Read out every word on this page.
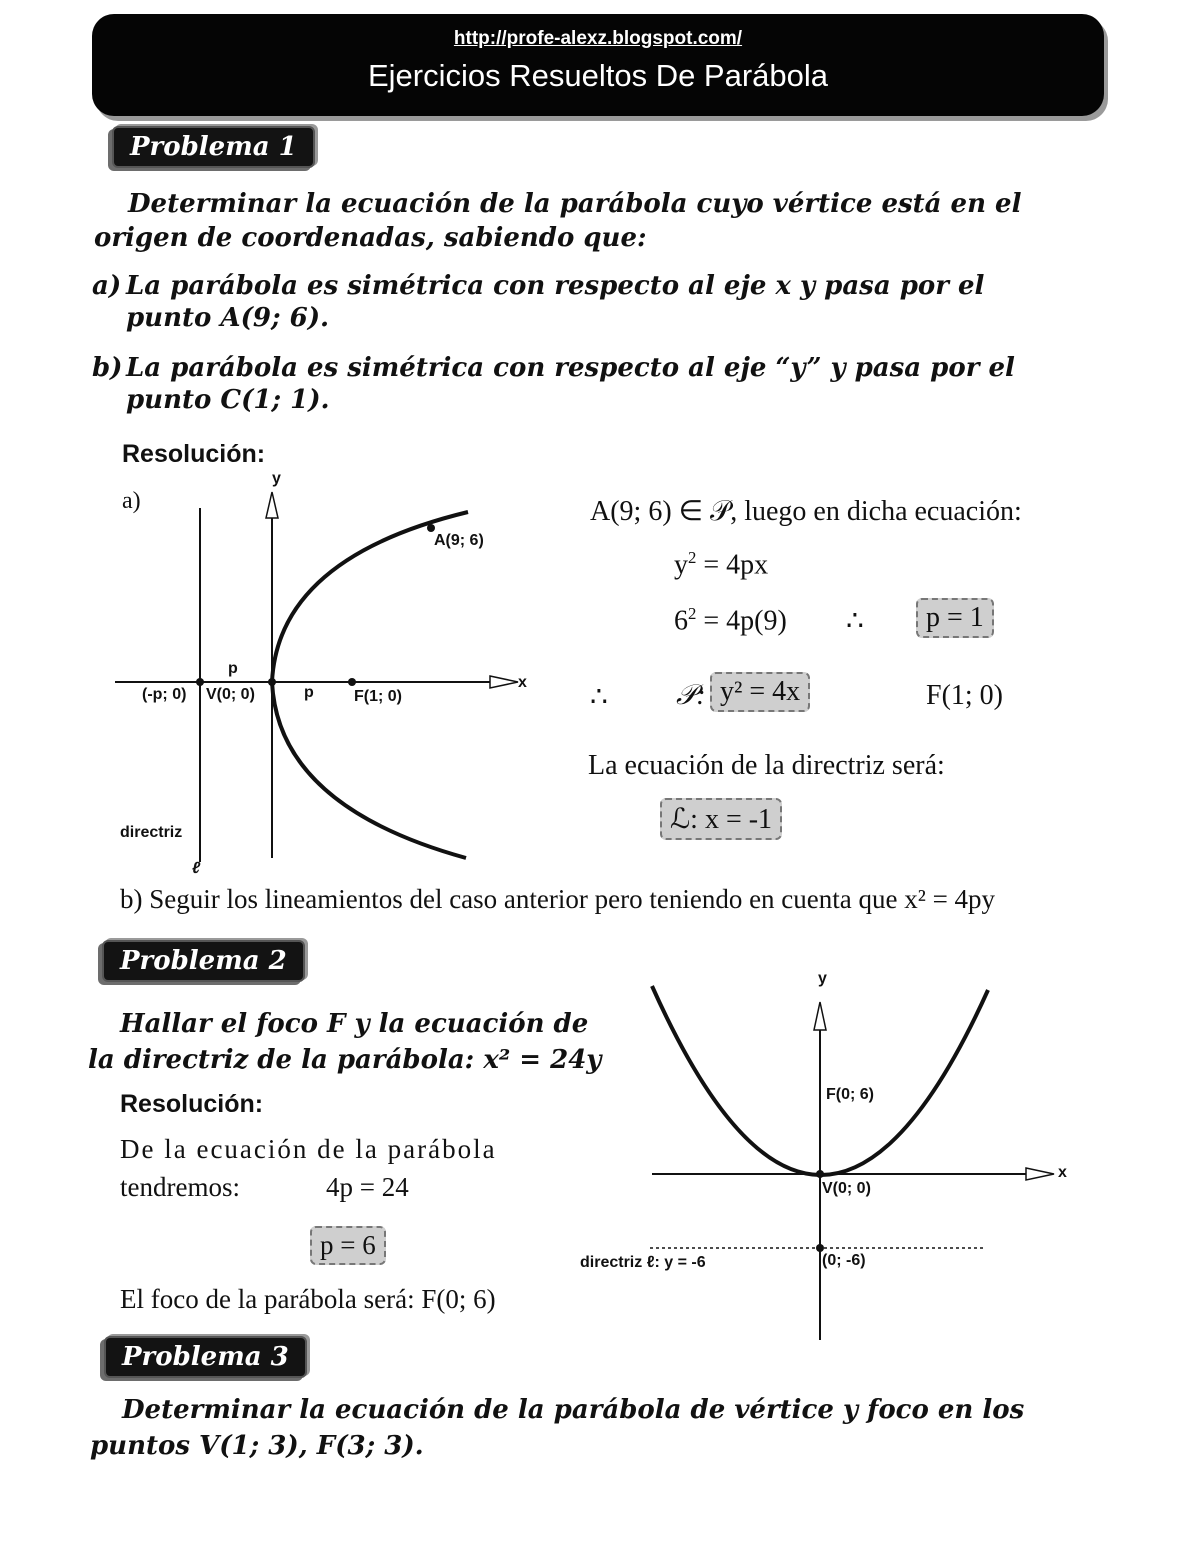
http://profe-alexz.blogspot.com/
Ejercicios Resueltos De Parábola
Problema 1
Determinar la ecuación de la parábola cuyo vértice está en el
origen de coordenadas, sabiendo que:
a) La parábola es simétrica con respecto al eje x y pasa por el
punto A(9; 6).
b) La parábola es simétrica con respecto al eje “y” y pasa por el
punto C(1; 1).
Resolución:
a)
y
x
A(9; 6)
p
p
(-p; 0) V(0; 0)	F(1; 0)
directriz
ℓ
A(9; 6) ∈ 𝒫, luego en dicha ecuación:
$y^2 = 4px$
$6^2 = 4p(9)$ ∴	p = 1
∴ 𝒫: y² = 4x	F(1; 0)
La ecuación de la directriz será:
ℒ: x = -1
b) Seguir los lineamientos del caso anterior pero teniendo en cuenta que x² = 4py
Problema 2
Hallar el foco F y la ecuación de
la directriz de la parábola: x² = 24y
Resolución:
De la ecuación de la parábola
tendremos:	4p = 24
p = 6
El foco de la parábola será: F(0; 6)
y
x
F(0; 6)
V(0; 0)
directriz ℓ: y = -6	(0; -6)
Problema 3
Determinar la ecuación de la parábola de vértice y foco en los
puntos V(1; 3), F(3; 3).
